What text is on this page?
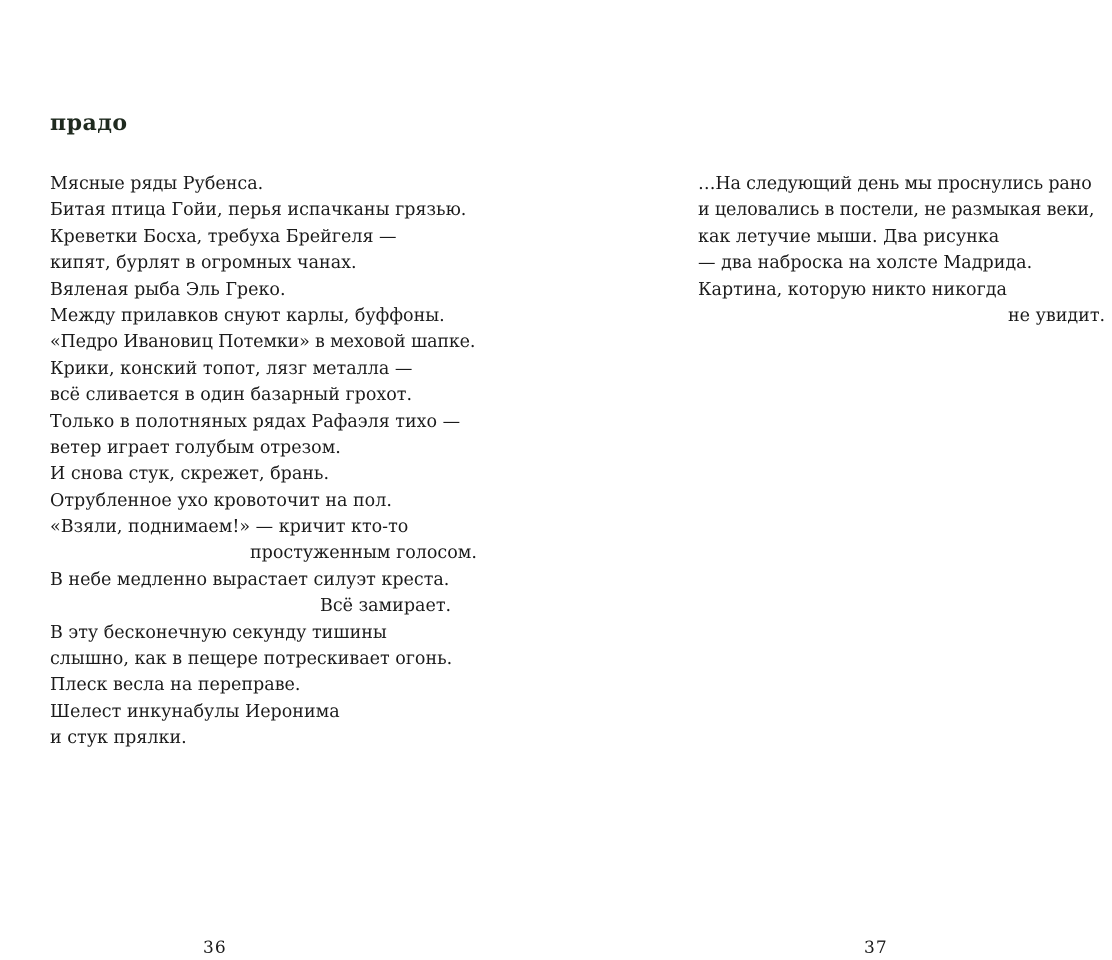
прадо
Мясные ряды Рубенса.
Битая птица Гойи, перья испачканы грязью.
Креветки Босха, требуха Брейгеля —
кипят, бурлят в огромных чанах.
Вяленая рыба Эль Греко.
Между прилавков снуют карлы, буффоны.
«Педро Ивановиц Потемки» в меховой шапке.
Крики, конский топот, лязг металла —
всё сливается в один базарный грохот.
Только в полотняных рядах Рафаэля тихо —
ветер играет голубым отрезом.
И снова стук, скрежет, брань.
Отрубленное ухо кровоточит на пол.
«Взяли, поднимаем!» — кричит кто-то
простуженным голосом.
В небе медленно вырастает силуэт креста.
Всё замирает.
В эту бесконечную секунду тишины
слышно, как в пещере потрескивает огонь.
Плеск весла на переправе.
Шелест инкунабулы Иеронима
и стук прялки.
36
…На следующий день мы проснулись рано
и целовались в постели, не размыкая веки,
как летучие мыши. Два рисунка
— два наброска на холсте Мадрида.
Картина, которую никто никогда
не увидит.
37
